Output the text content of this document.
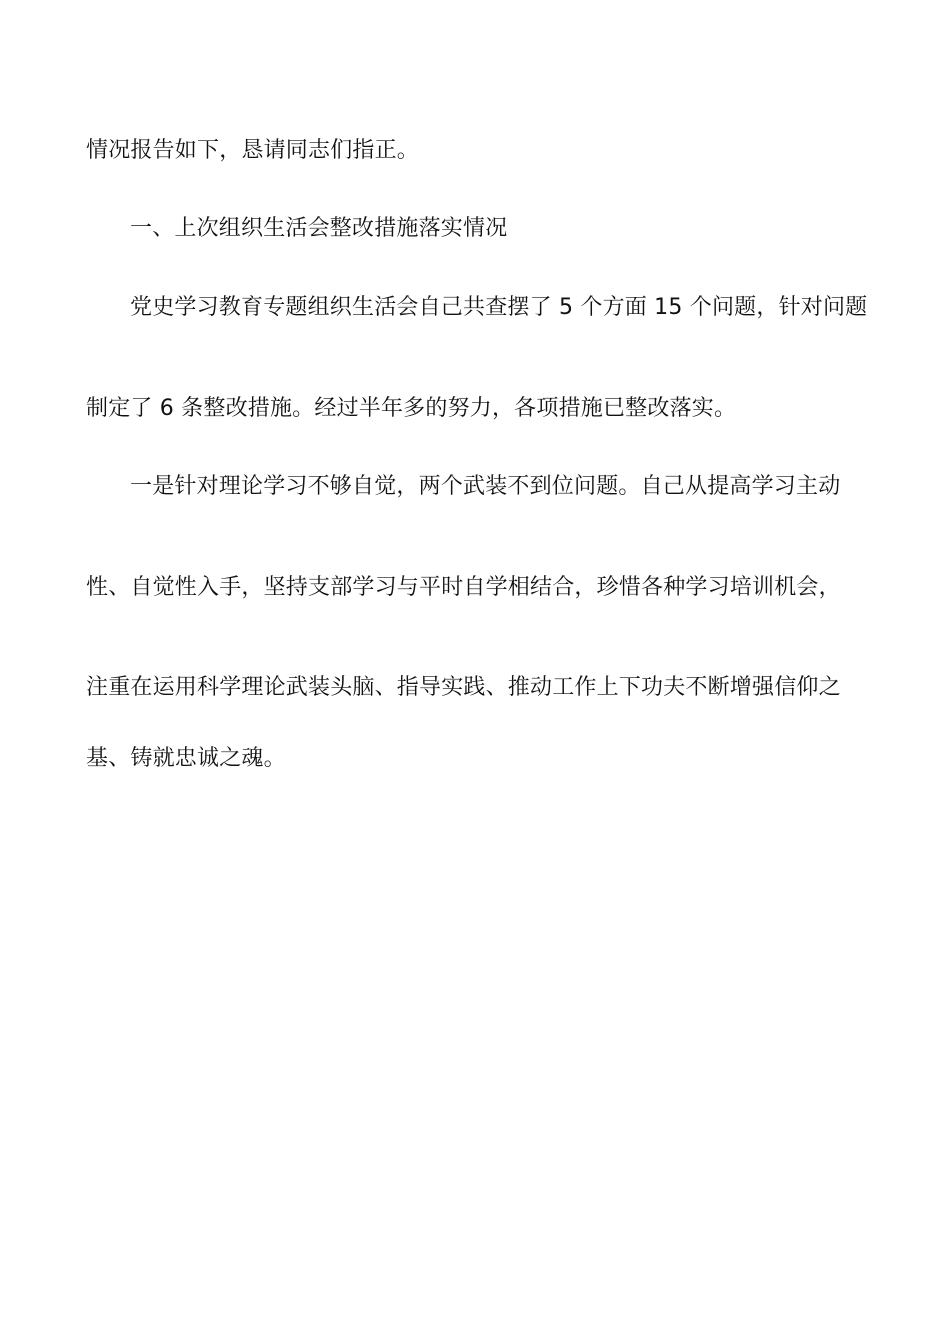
情况报告如下，恳请同志们指正。
一、上次组织生活会整改措施落实情况
党史学习教育专题组织生活会自己共查摆了 5 个方面 15 个问题，针对问题
制定了 6 条整改措施。经过半年多的努力，各项措施已整改落实。
一是针对理论学习不够自觉，两个武装不到位问题。自己从提高学习主动
性、自觉性入手，坚持支部学习与平时自学相结合，珍惜各种学习培训机会，
注重在运用科学理论武装头脑、指导实践、推动工作上下功夫不断增强信仰之
基、铸就忠诚之魂。
